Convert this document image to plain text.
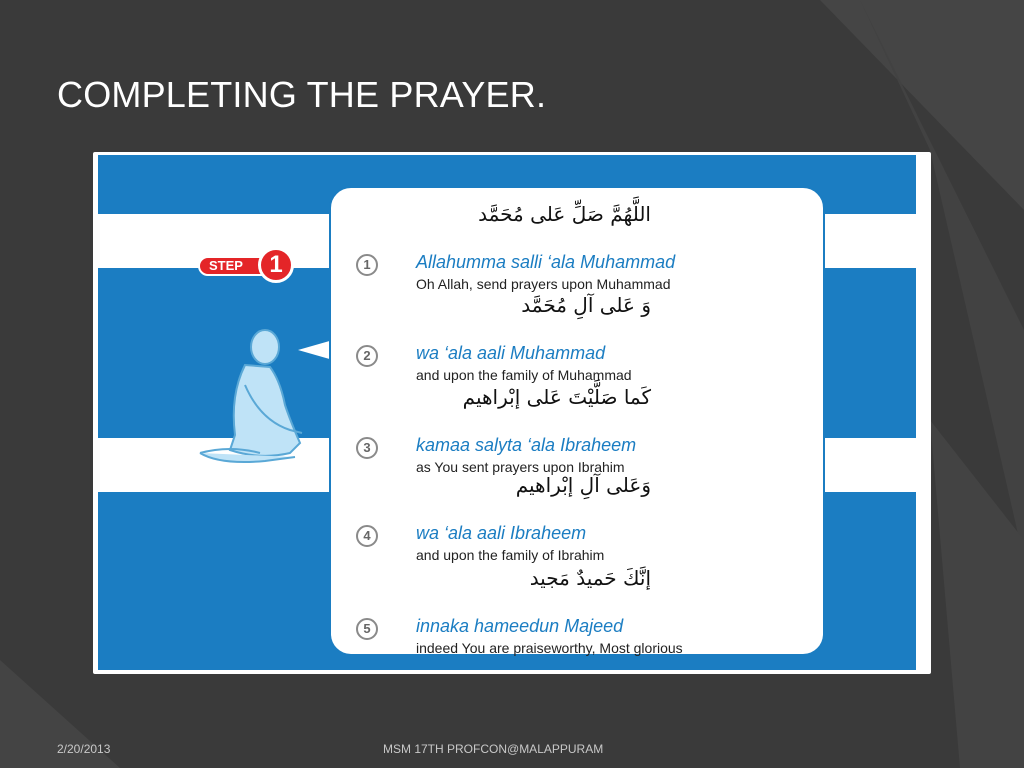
COMPLETING THE PRAYER.
STEP	1
اللَّهُمَّ صَلِّ عَلى مُحَمَّد
1	Allahumma salli ‘ala Muhammad
Oh Allah, send prayers upon Muhammad
وَ عَلى آلِ مُحَمَّد
2	wa ‘ala aali Muhammad
and upon the family of Muhammad
كَما صَلَّيْتَ عَلى إبْراهيم
3	kamaa salyta ‘ala Ibraheem
as You sent prayers upon Ibrahim
وَعَلى آلِ إبْراهيم
4	wa ‘ala aali Ibraheem
and upon the family of Ibrahim
إنَّكَ حَميدٌ مَجيد
5	innaka hameedun Majeed
indeed You are praiseworthy, Most glorious
2/20/2013	MSM 17TH PROFCON@MALAPPURAM
